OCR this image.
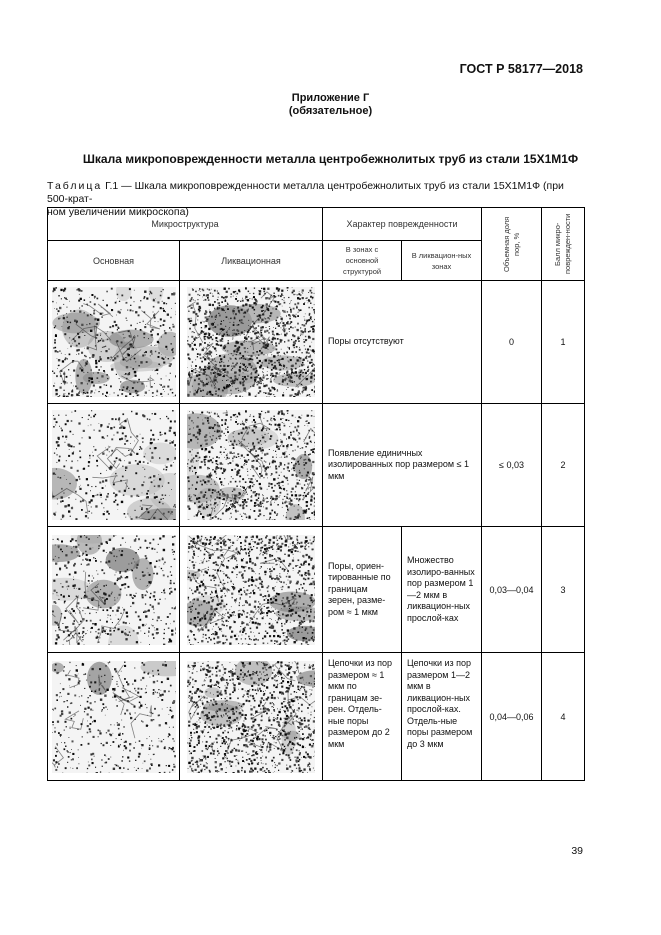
ГОСТ Р 58177—2018
Приложение Г
(обязательное)
Шкала микроповрежденности металла центробежнолитых труб из стали 15Х1М1Ф
Таблица Г.1 — Шкала микроповрежденности металла центробежнолитых труб из стали 15Х1М1Ф (при 500-крат-
ном увеличении микроскопа)
Микроструктура		Характер поврежденности		Объемная доля пор, %	Балл микро-поврежден-ности

Основная	Ликвационная	В зонах с основной структурой	В ликвацион-ных зонах		

	Поры отсутствуют		0	1

	Появление единичных изолированных пор размером ≤ 1 мкм		≤ 0,03	2

	Поры, ориен-тированные по границам зерен, разме-ром ≈ 1 мкм	Множество изолиро-ванных пор размером 1—2 мкм в ликвацион-ных прослой-ках	0,03—0,04	3

	Цепочки из пор размером ≈ 1 мкм по границам зе-рен. Отдель-ные поры размером до 2 мкм	Цепочки из пор размером 1—2 мкм в ликвацион-ных прослой-ках. Отдель-ные поры размером до 3 мкм	0,04—0,06	4
39
